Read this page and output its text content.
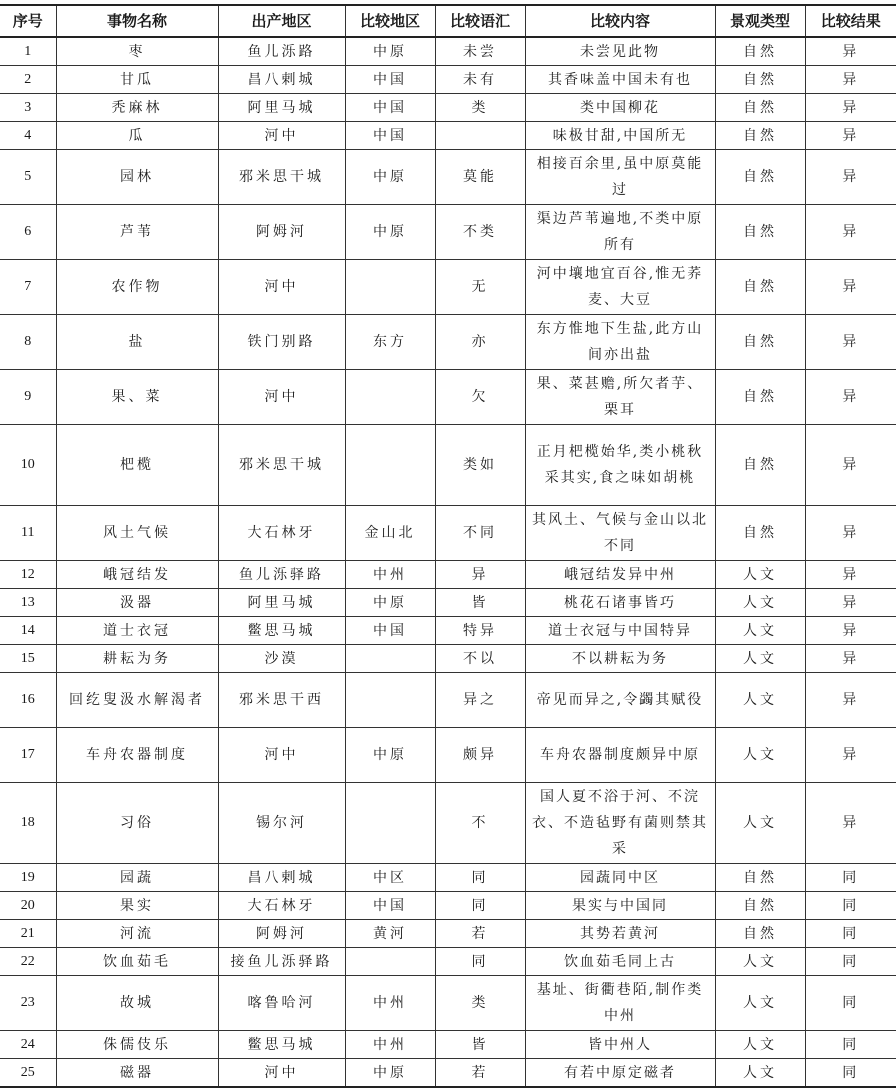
序号	事物名称	出产地区	比较地区	比较语汇	比较内容	景观类型	比较结果
1	枣	鱼儿泺路	中原	未尝	未尝见此物	自然	异
2	甘瓜	昌八剌城	中国	未有	其香味盖中国未有也	自然	异
3	秃麻林	阿里马城	中国	类	类中国柳花	自然	异
4	瓜	河中	中国		味极甘甜,中国所无	自然	异
5	园林	邪米思干城	中原	莫能	相接百余里,虽中原莫能过	自然	异
6	芦苇	阿姆河	中原	不类	渠边芦苇遍地,不类中原所有	自然	异
7	农作物	河中		无	河中壤地宜百谷,惟无荞麦、大豆	自然	异
8	盐	铁门别路	东方	亦	东方惟地下生盐,此方山间亦出盐	自然	异
9	果、菜	河中		欠	果、菜甚赡,所欠者芋、栗耳	自然	异
10	杷榄	邪米思干城		类如	正月杷榄始华,类小桃秋采其实,食之味如胡桃	自然	异
11	风土气候	大石林牙	金山北	不同	其风土、气候与金山以北不同	自然	异
12	峨冠结发	鱼儿泺驿路	中州	异	峨冠结发异中州	人文	异
13	汲器	阿里马城	中原	皆	桃花石诸事皆巧	人文	异
14	道士衣冠	鳖思马城	中国	特异	道士衣冠与中国特异	人文	异
15	耕耘为务	沙漠		不以	不以耕耘为务	人文	异
16	回纥叟汲水解渴者	邪米思干西		异之	帝见而异之,令蠲其赋役	人文	异
17	车舟农器制度	河中	中原	颇异	车舟农器制度颇异中原	人文	异
18	习俗	锡尔河		不	国人夏不浴于河、不浣衣、不造毡野有菌则禁其采	人文	异
19	园蔬	昌八剌城	中区	同	园蔬同中区	自然	同
20	果实	大石林牙	中国	同	果实与中国同	自然	同
21	河流	阿姆河	黄河	若	其势若黄河	自然	同
22	饮血茹毛	接鱼儿泺驿路		同	饮血茹毛同上古	人文	同
23	故城	喀鲁哈河	中州	类	基址、街衢巷陌,制作类中州	人文	同
24	侏儒伎乐	鳖思马城	中州	皆	皆中州人	人文	同
25	磁器	河中	中原	若	有若中原定磁者	人文	同
